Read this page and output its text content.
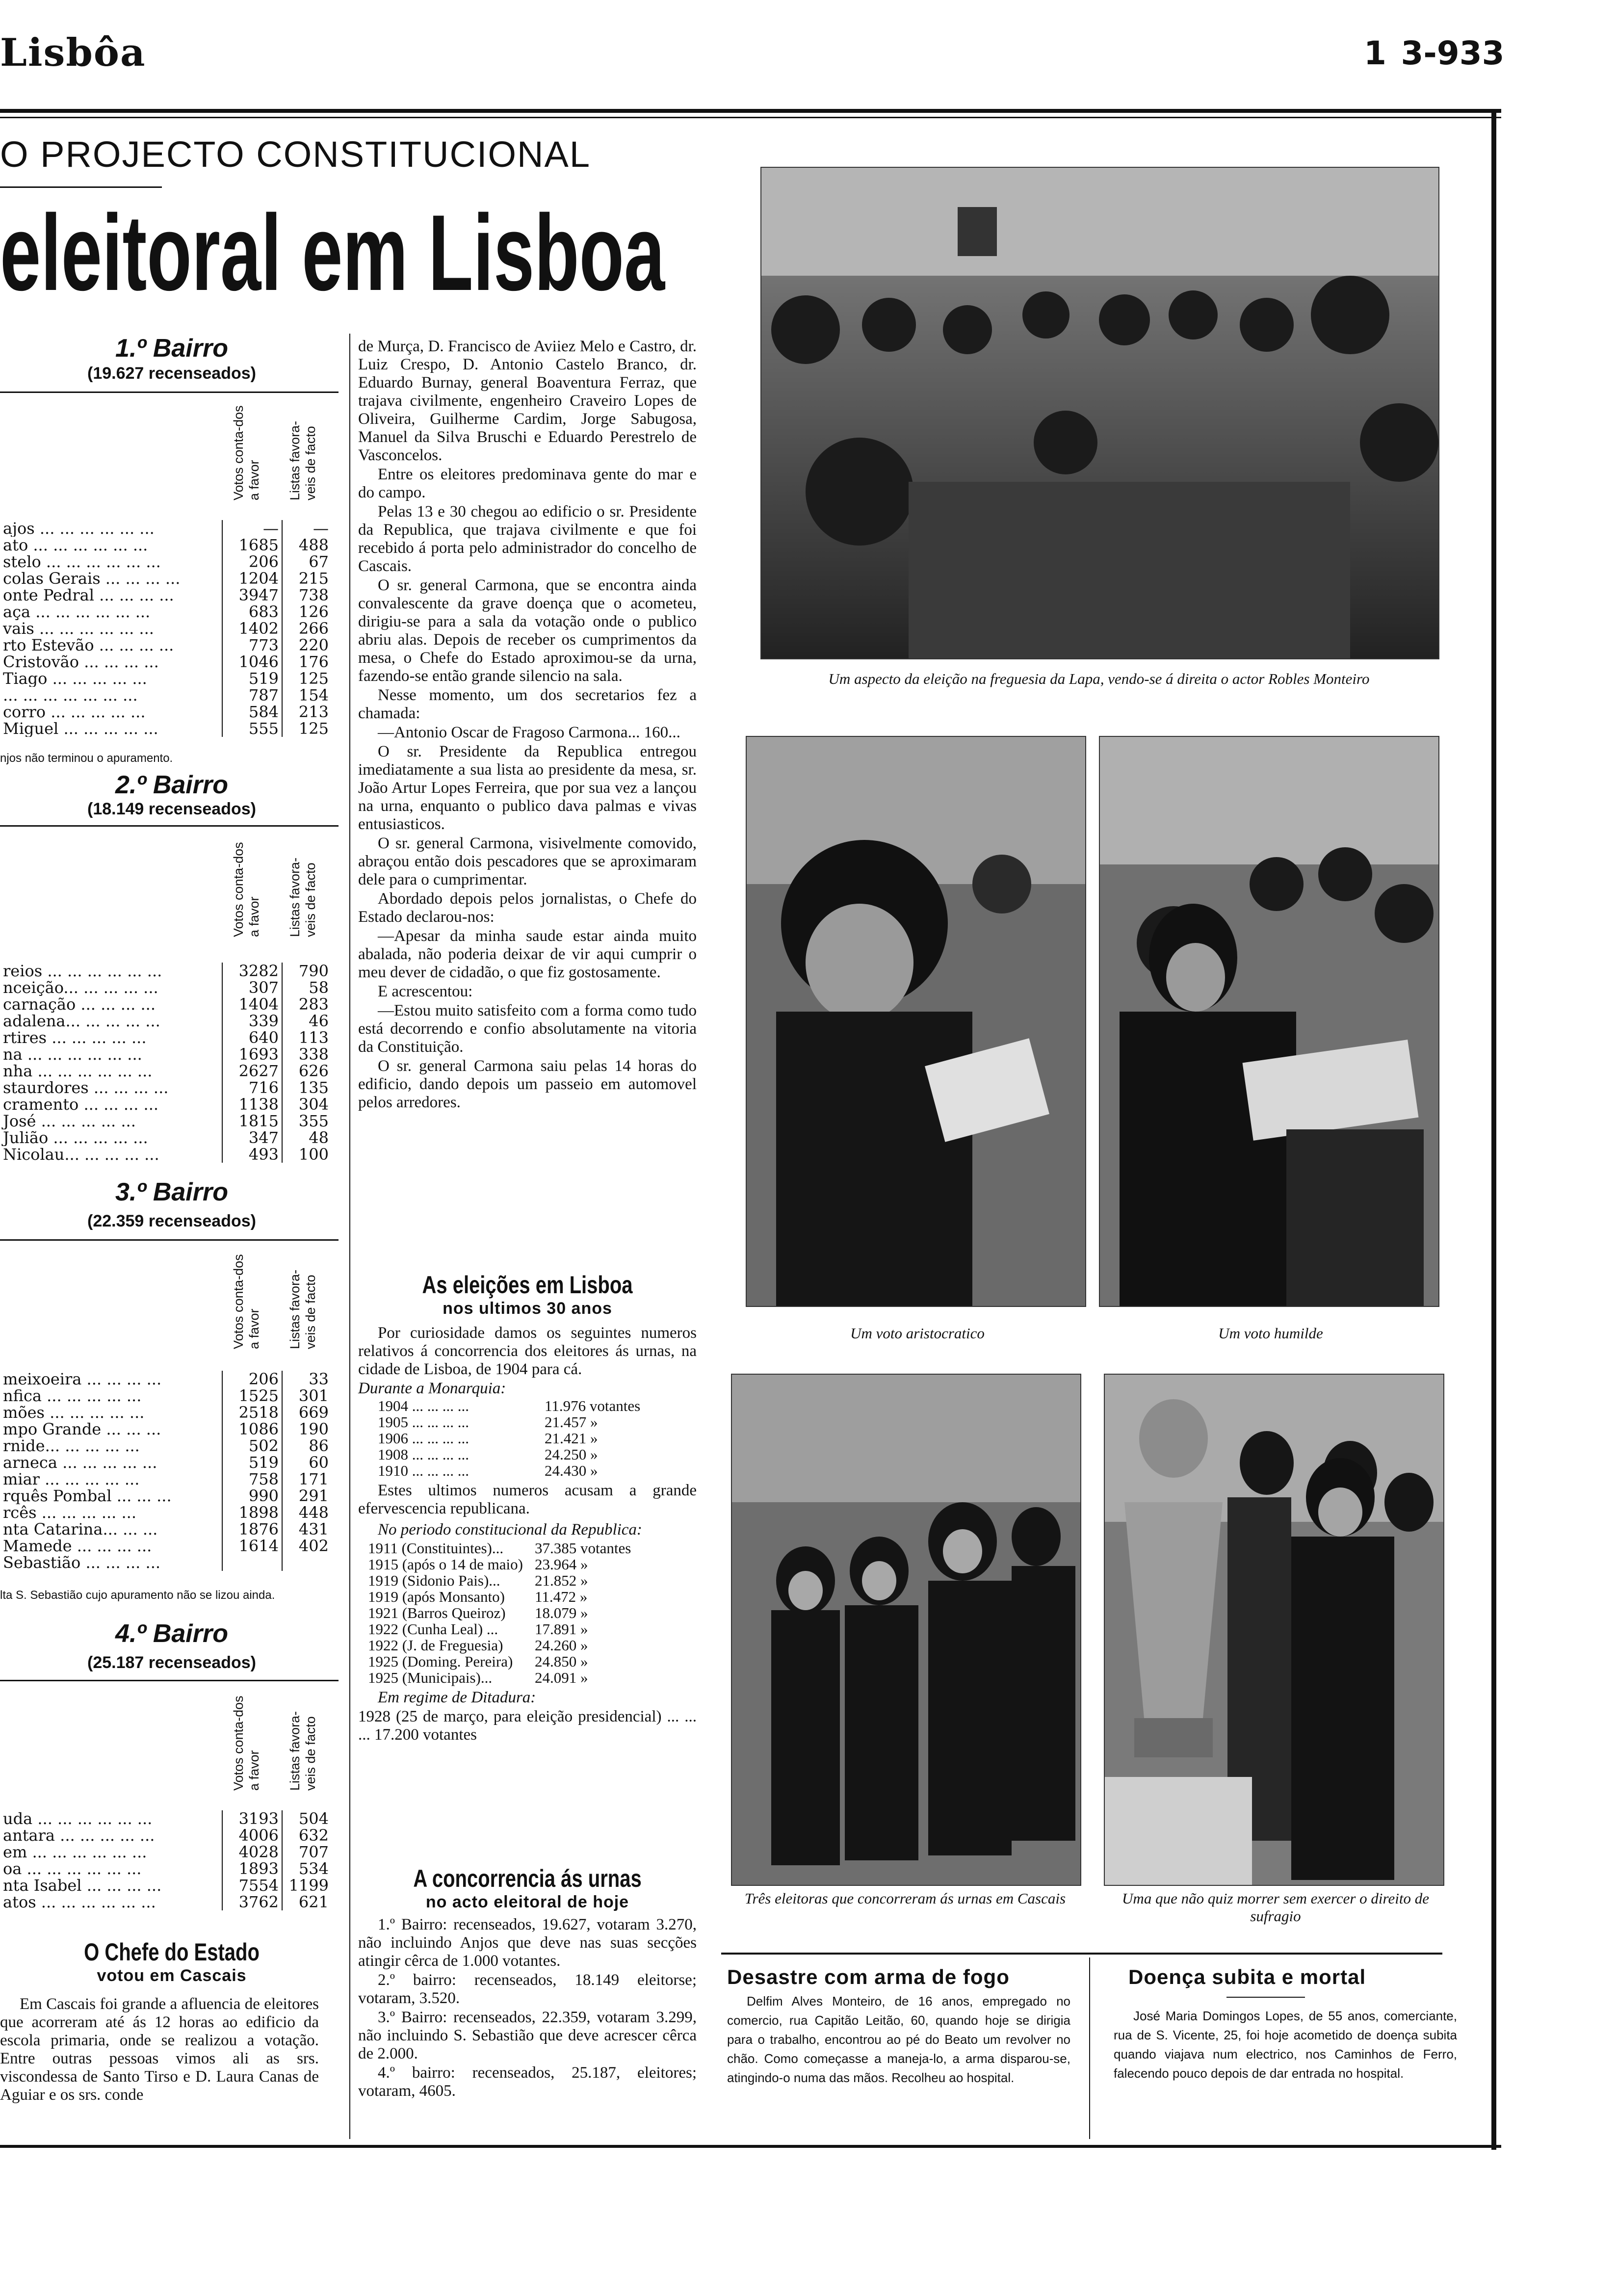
Lisbôa	1  3-933
O PROJECTO CONSTITUCIONAL
eleitoral em Lisboa
1.º Bairro
(19.627 recenseados)
Votos conta-dos a favor Listas favora-veis de facto
ajos ... ... ... ... ... ...	—	—
ato ... ... ... ... ... ...	1685	488
stelo ... ... ... ... ... ...	206	67
colas Gerais ... ... ... ...	1204	215
onte Pedral ... ... ... ...	3947	738
aça ... ... ... ... ... ...	683	126
vais ... ... ... ... ... ...	1402	266
rto Estevão ... ... ... ...	773	220
Cristovão ... ... ... ...	1046	176
Tiago ... ... ... ... ...	519	125
... ... ... ... ... ... ...	787	154
corro ... ... ... ... ...	584	213
Miguel ... ... ... ... ...	555	125
njos não terminou o apuramento.
2.º Bairro
(18.149 recenseados)
Votos conta-dos a favor Listas favora-veis de facto
reios ... ... ... ... ... ...	3282	790
nceição... ... ... ... ...	307	58
carnação ... ... ... ...	1404	283
adalena... ... ... ... ...	339	46
rtires ... ... ... ... ...	640	113
na ... ... ... ... ... ...	1693	338
nha ... ... ... ... ... ...	2627	626
staurdores ... ... ... ...	716	135
cramento ... ... ... ...	1138	304
José ... ... ... ... ...	1815	355
Julião ... ... ... ... ...	347	48
Nicolau... ... ... ... ...	493	100
3.º Bairro
(22.359 recenseados)
Votos conta-dos a favor Listas favora-veis de facto
meixoeira ... ... ... ...	206	33
nfica ... ... ... ... ...	1525	301
mões ... ... ... ... ...	2518	669
mpo Grande ... ... ...	1086	190
rnide... ... ... ... ...	502	86
arneca ... ... ... ... ...	519	60
miar ... ... ... ... ...	758	171
rquês Pombal ... ... ...	990	291
rcês ... ... ... ... ...	1898	448
nta Catarina... ... ...	1876	431
Mamede ... ... ... ...	1614	402
Sebastião ... ... ... ...		
lta S. Sebastião cujo apuramento não se lizou ainda.
4.º Bairro
(25.187 recenseados)
Votos conta-dos a favor Listas favora-veis de facto
uda ... ... ... ... ... ...	3193	504
antara ... ... ... ... ...	4006	632
em ... ... ... ... ... ...	4028	707
oa ... ... ... ... ... ...	1893	534
nta Isabel ... ... ... ...	7554	1199
atos ... ... ... ... ... ...	3762	621
O Chefe do Estado
votou em Cascais

Em Cascais foi grande a afluencia de eleitores que acorreram até ás 12 horas ao edificio da escola primaria, onde se realizou a votação. Entre outras pessoas vimos ali as srs. viscondessa de Santo Tirso e D. Laura Canas de Aguiar e os srs. conde

de Murça, D. Francisco de Aviiez Melo e Castro, dr. Luiz Crespo, D. Antonio Castelo Branco, dr. Eduardo Burnay, general Boaventura Ferraz, que trajava civilmente, engenheiro Craveiro Lopes de Oliveira, Guilherme Cardim, Jorge Sabugosa, Manuel da Silva Bruschi e Eduardo Perestrelo de Vasconcelos.

Entre os eleitores predominava gente do mar e do campo.

Pelas 13 e 30 chegou ao edificio o sr. Presidente da Republica, que trajava civilmente e que foi recebido á porta pelo administrador do concelho de Cascais.

O sr. general Carmona, que se encontra ainda convalescente da grave doença que o acometeu, dirigiu-se para a sala da votação onde o publico abriu alas. Depois de receber os cumprimentos da mesa, o Chefe do Estado aproximou-se da urna, fazendo-se então grande silencio na sala.

Nesse momento, um dos secretarios fez a chamada:

—Antonio Oscar de Fragoso Carmona... 160...

O sr. Presidente da Republica entregou imediatamente a sua lista ao presidente da mesa, sr. João Artur Lopes Ferreira, que por sua vez a lançou na urna, enquanto o publico dava palmas e vivas entusiasticos.

O sr. general Carmona, visivelmente comovido, abraçou então dois pescadores que se aproximaram dele para o cumprimentar.

Abordado depois pelos jornalistas, o Chefe do Estado declarou-nos:

—Apesar da minha saude estar ainda muito abalada, não poderia deixar de vir aqui cumprir o meu dever de cidadão, o que fiz gostosamente.

E acrescentou:

—Estou muito satisfeito com a forma como tudo está decorrendo e confio absolutamente na vitoria da Constituição.

O sr. general Carmona saiu pelas 14 horas do edificio, dando depois um passeio em automovel pelos arredores.

As eleições em Lisboa
nos ultimos 30 anos

Por curiosidade damos os seguintes numeros relativos á concorrencia dos eleitores ás urnas, na cidade de Lisboa, de 1904 para cá.

Durante a Monarquia:
1904 ... ... ... ...	11.976 votantes
1905 ... ... ... ...	21.457 »
1906 ... ... ... ...	21.421 »
1908 ... ... ... ...	24.250 »
1910 ... ... ... ...	24.430 »

Estes ultimos numeros acusam a grande efervescencia republicana.

No periodo constitucional da Republica:

1911 (Constituintes)...	37.385 votantes
1915 (após o 14 de maio) 23.964 »
1919 (Sidonio Pais)...	21.852 »
1919 (após Monsanto)	11.472 »
1921 (Barros Queiroz)	18.079 »
1922 (Cunha Leal) ...	17.891 »
1922 (J. de Freguesia)	24.260 »
1925 (Doming. Pereira)	24.850 »
1925 (Municipais)...	24.091 »

Em regime de Ditadura:

1928 (25 de março, para eleição presidencial) ... ... ... 17.200 votantes
A concorrencia ás urnas
no acto eleitoral de hoje

1.º Bairro: recenseados, 19.627, votaram 3.270, não incluindo Anjos que deve nas suas secções atingir cêrca de 1.000 votantes.

2.º bairro: recenseados, 18.149 eleitorse; votaram, 3.520.

3.º Bairro: recenseados, 22.359, votaram 3.299, não incluindo S. Sebastião que deve acrescer cêrca de 2.000.

4.º bairro: recenseados, 25.187, eleitores; votaram, 4605.

Um aspecto da eleição na freguesia da Lapa, vendo-se á direita o actor Robles Monteiro
Um voto aristocratico	Um voto humilde
Três eleitoras que concorreram ás urnas em Cascais	Uma que não quiz morrer sem exercer o direito de sufragio
Desastre com arma de fogo

Delfim Alves Monteiro, de 16 anos, empregado no comercio, rua Capitão Leitão, 60, quando hoje se dirigia para o trabalho, encontrou ao pé do Beato um revolver no chão. Como começasse a maneja-lo, a arma disparou-se, atingindo-o numa das mãos. Recolheu ao hospital.

Doença subita e mortal

José Maria Domingos Lopes, de 55 anos, comerciante, rua de S. Vicente, 25, foi hoje acometido de doença subita quando viajava num electrico, nos Caminhos de Ferro, falecendo pouco depois de dar entrada no hospital.
